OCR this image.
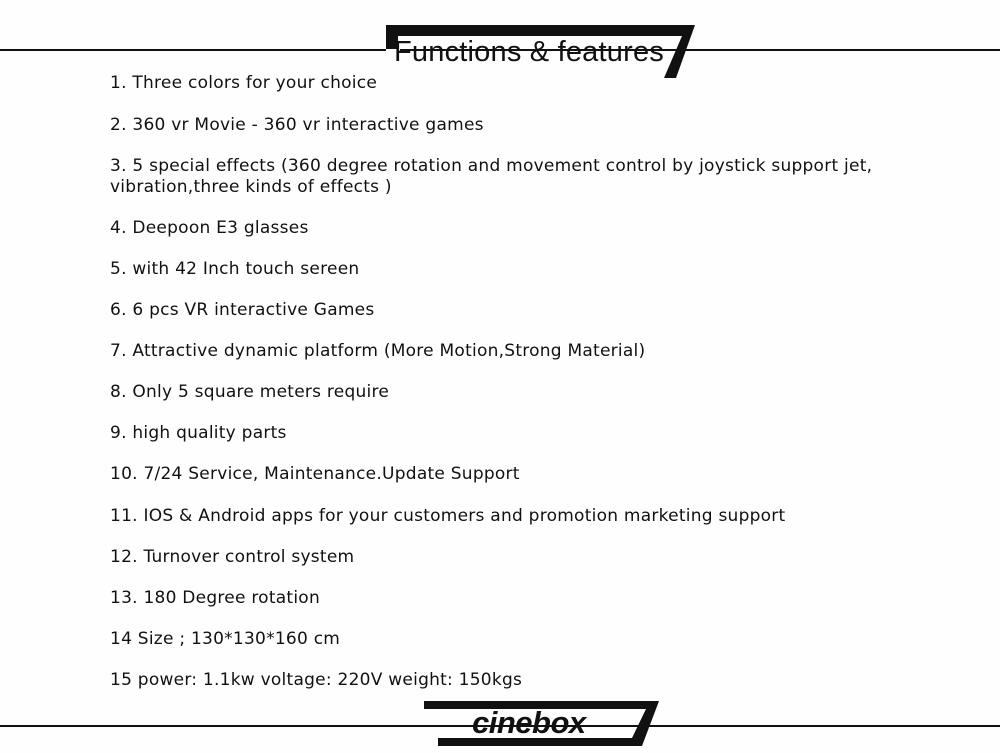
Functions & features
1. Three colors for your choice
2. 360 vr Movie - 360 vr interactive games
3. 5 special effects (360 degree rotation and movement control by joystick support jet, vibration,three kinds of effects )
4. Deepoon E3 glasses
5. with 42 Inch touch sereen
6. 6 pcs VR interactive Games
7. Attractive dynamic platform (More Motion,Strong Material)
8. Only 5 square meters require
9. high quality parts
10. 7/24 Service, Maintenance.Update Support
11. IOS & Android apps for your customers and promotion marketing support
12. Turnover control system
13. 180 Degree rotation
14 Size ; 130*130*160 cm
15 power: 1.1kw voltage: 220V weight: 150kgs
cinebox
